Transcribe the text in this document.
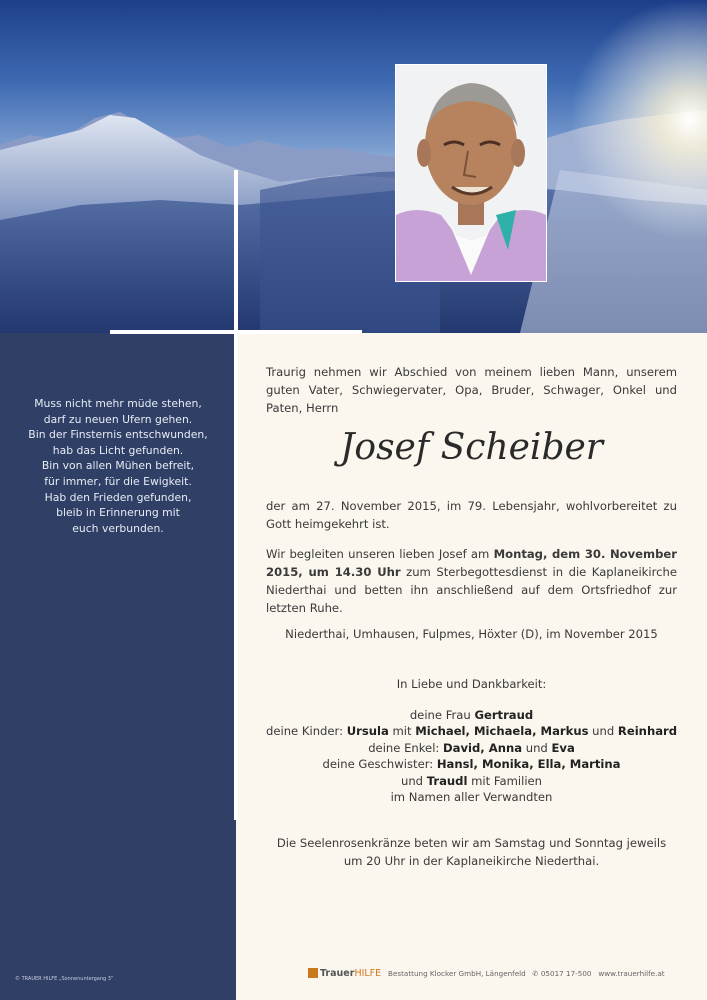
Muss nicht mehr müde stehen,
darf zu neuen Ufern gehen.
Bin der Finsternis entschwunden,
hab das Licht gefunden.
Bin von allen Mühen befreit,
für immer, für die Ewigkeit.
Hab den Frieden gefunden,
bleib in Erinnerung mit
euch verbunden.
Traurig nehmen wir Abschied von meinem lieben Mann, unserem guten Vater, Schwiegervater, Opa, Bruder, Schwager, Onkel und Paten, Herrn
Josef Scheiber
der am 27. November 2015, im 79. Lebensjahr, wohlvorbereitet zu Gott heimgekehrt ist.
Wir begleiten unseren lieben Josef am Montag, dem 30. November 2015, um 14.30 Uhr zum Sterbegottesdienst in die Kaplaneikirche Niederthai und betten ihn anschließend auf dem Ortsfriedhof zur letzten Ruhe.
Niederthai, Umhausen, Fulpmes, Höxter (D), im November 2015
In Liebe und Dankbarkeit:
deine Frau Gertraud
deine Kinder: Ursula mit Michael, Michaela, Markus und Reinhard
deine Enkel: David, Anna und Eva
deine Geschwister: Hansl, Monika, Ella, Martina
und Traudl mit Familien
im Namen aller Verwandten
Die Seelenrosenkränze beten wir am Samstag und Sonntag jeweils um 20 Uhr in der Kaplaneikirche Niederthai.
TrauerHILFE Bestattung Klocker GmbH, Längenfeld ✆ 05017 17-500 www.trauerhilfe.at
© TRAUER HILFE „Sonnenuntergang 3“
